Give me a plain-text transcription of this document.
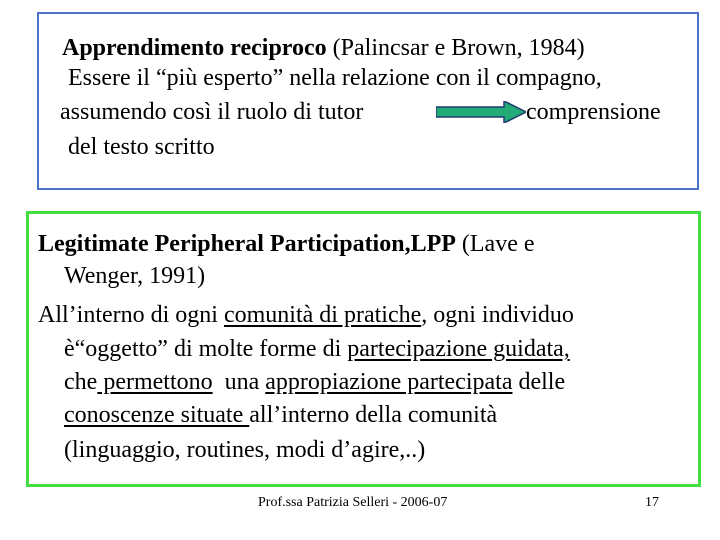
Apprendimento reciproco (Palincsar e Brown, 1984)
Essere il “più esperto” nella relazione con il compagno,
assumendo così il ruolo di tutor	comprensione
del testo scritto
Legitimate Peripheral Participation,LPP (Lave e
Wenger, 1991)
All’interno di ogni comunità di pratiche, ogni individuo
è“oggetto” di molte forme di partecipazione guidata,
che permettono  una appropiazione partecipata delle
conoscenze situate all’interno della comunità
(linguaggio, routines, modi d’agire,..)
Prof.ssa Patrizia Selleri - 2006-07	17
